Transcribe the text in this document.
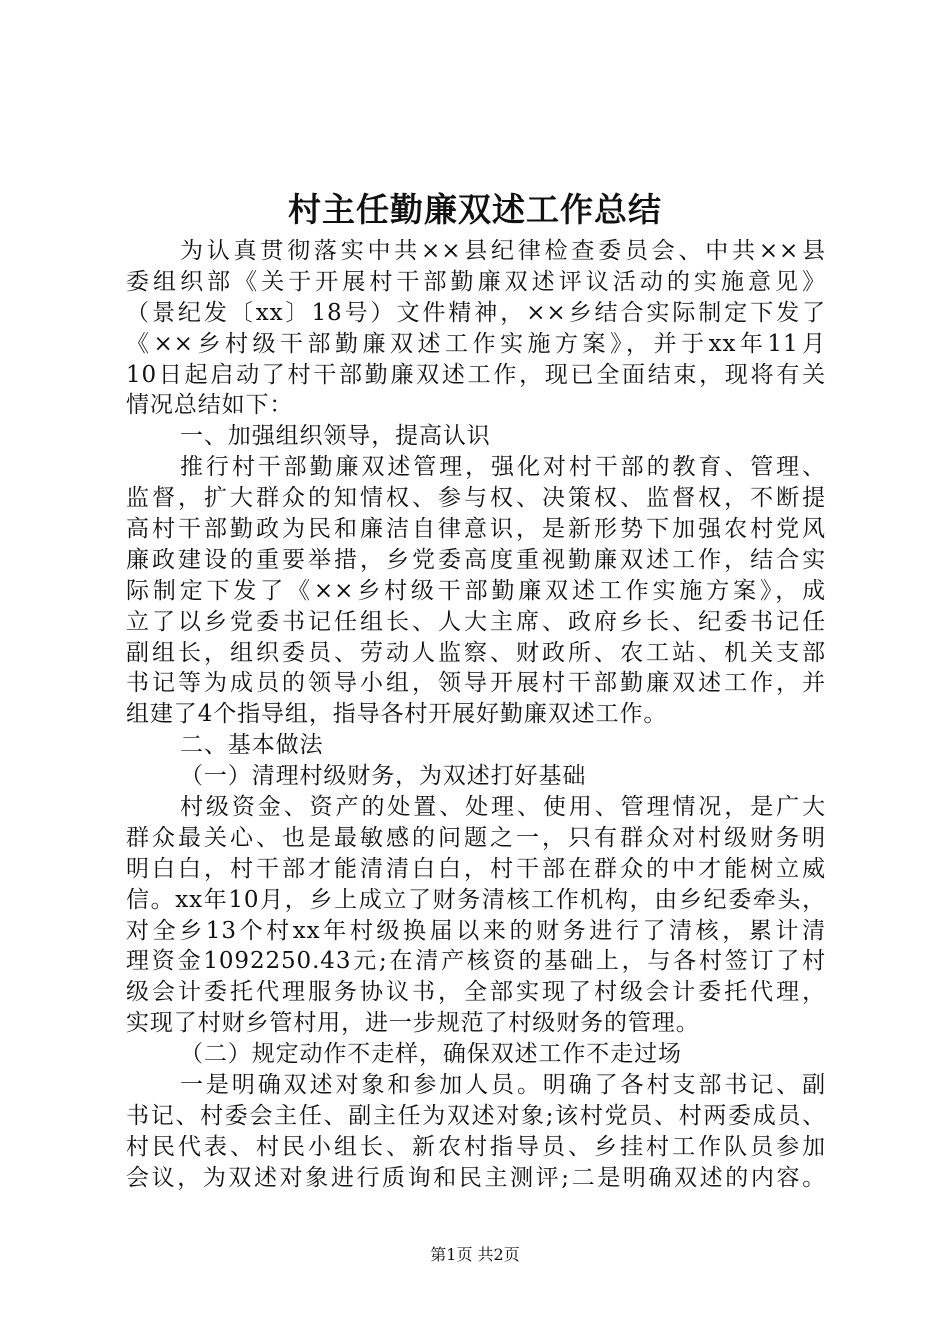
村主任勤廉双述工作总结
为认真贯彻落实中共××县纪律检查委员会、中共××县
委组织部《关于开展村干部勤廉双述评议活动的实施意见》
（景纪发〔xx〕18号）文件精神，××乡结合实际制定下发了
《××乡村级干部勤廉双述工作实施方案》，并于xx年11月
10日起启动了村干部勤廉双述工作，现已全面结束，现将有关
情况总结如下：
一、加强组织领导，提高认识
推行村干部勤廉双述管理，强化对村干部的教育、管理、
监督，扩大群众的知情权、参与权、决策权、监督权，不断提
高村干部勤政为民和廉洁自律意识，是新形势下加强农村党风
廉政建设的重要举措，乡党委高度重视勤廉双述工作，结合实
际制定下发了《××乡村级干部勤廉双述工作实施方案》，成
立了以乡党委书记任组长、人大主席、政府乡长、纪委书记任
副组长，组织委员、劳动人监察、财政所、农工站、机关支部
书记等为成员的领导小组，领导开展村干部勤廉双述工作，并
组建了4个指导组，指导各村开展好勤廉双述工作。
二、基本做法
（一）清理村级财务，为双述打好基础
村级资金、资产的处置、处理、使用、管理情况，是广大
群众最关心、也是最敏感的问题之一，只有群众对村级财务明
明白白，村干部才能清清白白，村干部在群众的中才能树立威
信。xx年10月，乡上成立了财务清核工作机构，由乡纪委牵头，
对全乡13个村xx年村级换届以来的财务进行了清核，累计清
理资金1092250.43元;在清产核资的基础上，与各村签订了村
级会计委托代理服务协议书，全部实现了村级会计委托代理，
实现了村财乡管村用，进一步规范了村级财务的管理。
（二）规定动作不走样，确保双述工作不走过场
一是明确双述对象和参加人员。明确了各村支部书记、副
书记、村委会主任、副主任为双述对象;该村党员、村两委成员、
村民代表、村民小组长、新农村指导员、乡挂村工作队员参加
会议，为双述对象进行质询和民主测评;二是明确双述的内容。
第1页 共2页
